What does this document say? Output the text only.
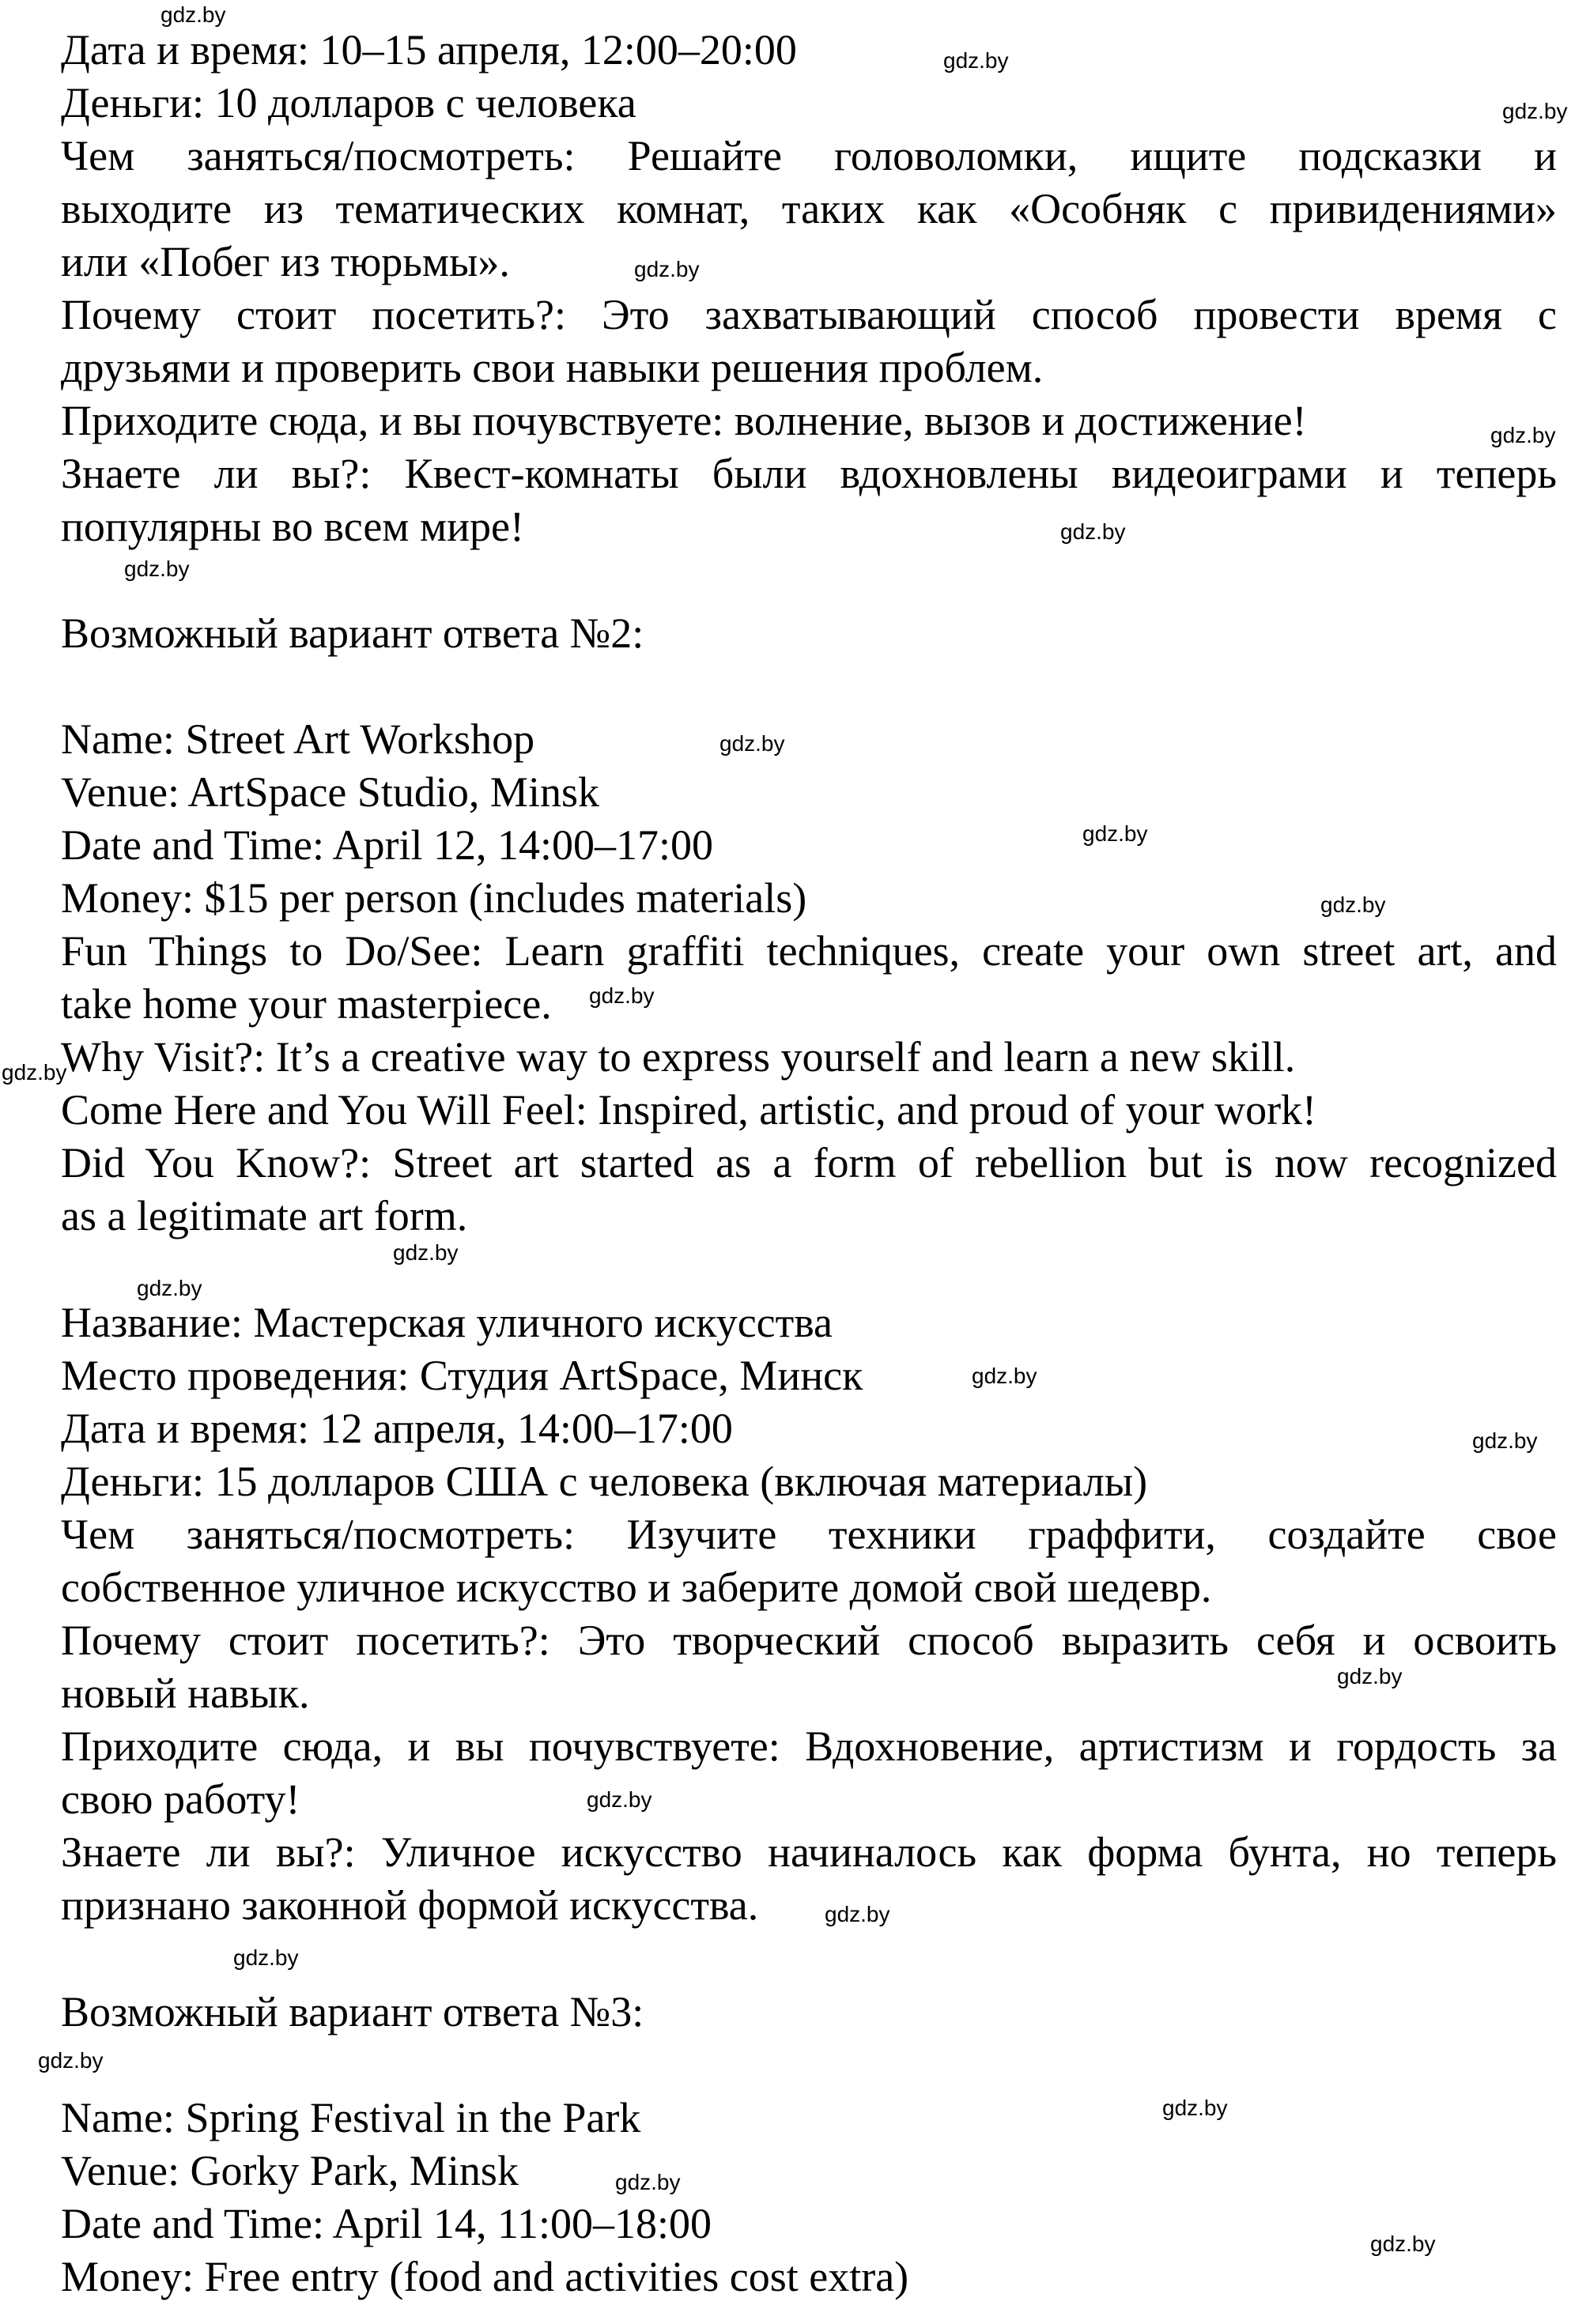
Дата и время: 10–15 апреля, 12:00–20:00

Деньги: 10 долларов с человека

Чем заняться/посмотреть: Решайте головоломки, ищите подсказки и

выходите из тематических комнат, таких как «Особняк с привидениями»

или «Побег из тюрьмы».

Почему стоит посетить?: Это захватывающий способ провести время с

друзьями и проверить свои навыки решения проблем.

Приходите сюда, и вы почувствуете: волнение, вызов и достижение!

Знаете ли вы?: Квест-комнаты были вдохновлены видеоиграми и теперь

популярны во всем мире!

Возможный вариант ответа №2:

Name: Street Art Workshop

Venue: ArtSpace Studio, Minsk

Date and Time: April 12, 14:00–17:00

Money: $15 per person (includes materials)

Fun Things to Do/See: Learn graffiti techniques, create your own street art, and

take home your masterpiece.

Why Visit?: It’s a creative way to express yourself and learn a new skill.

Come Here and You Will Feel: Inspired, artistic, and proud of your work!

Did You Know?: Street art started as a form of rebellion but is now recognized

as a legitimate art form.

Название: Мастерская уличного искусства

Место проведения: Студия ArtSpace, Минск

Дата и время: 12 апреля, 14:00–17:00

Деньги: 15 долларов США с человека (включая материалы)

Чем заняться/посмотреть: Изучите техники граффити, создайте свое

собственное уличное искусство и заберите домой свой шедевр.

Почему стоит посетить?: Это творческий способ выразить себя и освоить

новый навык.

Приходите сюда, и вы почувствуете: Вдохновение, артистизм и гордость за

свою работу!

Знаете ли вы?: Уличное искусство начиналось как форма бунта, но теперь

признано законной формой искусства.

Возможный вариант ответа №3:

Name: Spring Festival in the Park

Venue: Gorky Park, Minsk

Date and Time: April 14, 11:00–18:00

Money: Free entry (food and activities cost extra)

gdz.by
gdz.by
gdz.by
gdz.by
gdz.by
gdz.by
gdz.by
gdz.by
gdz.by
gdz.by
gdz.by
gdz.by
gdz.by
gdz.by
gdz.by
gdz.by
gdz.by
gdz.by
gdz.by
gdz.by
gdz.by
gdz.by
gdz.by
gdz.by
